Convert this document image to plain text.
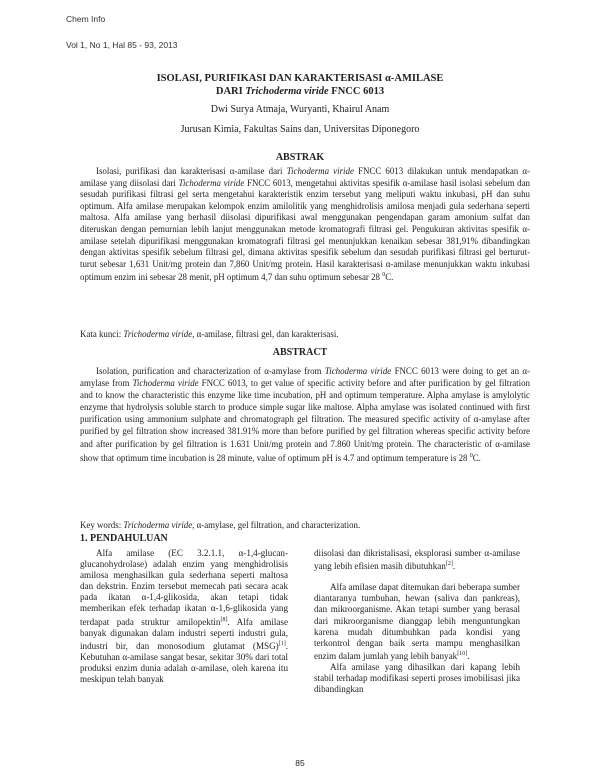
Chem Info
Vol 1, No 1, Hal 85 - 93, 2013
ISOLASI, PURIFIKASI DAN KARAKTERISASI α-AMILASE
DARI Trichoderma viride FNCC 6013
Dwi Surya Atmaja, Wuryanti, Khairul Anam
Jurusan Kimia, Fakultas Sains dan, Universitas Diponegoro
ABSTRAK
Isolasi, purifikasi dan karakterisasi α-amilase dari Tichoderma viride FNCC 6013 dilakukan untuk mendapatkan α-amilase yang diisolasi dari Tichoderma viride FNCC 6013, mengetahui aktivitas spesifik α-amilase hasil isolasi sebelum dan sesudah purifikasi filtrasi gel serta mengetahui karakteristik enzim tersebut yang meliputi waktu inkubasi, pH dan suhu optimum. Alfa amilase merupakan kelompok enzim amilolitik yang menghidrolisis amilosa menjadi gula sederhana seperti maltosa. Alfa amilase yang berhasil diisolasi dipurifikasi awal menggunakan pengendapan garam amonium sulfat dan diteruskan dengan pemurnian lebih lanjut menggunakan metode kromatografi filtrasi gel. Pengukuran aktivitas spesifik α-amilase setelah dipurifikasi menggunakan kromatografi filtrasi gel menunjukkan kenaikan sebesar 381,91% dibandingkan dengan aktivitas spesifik sebelum filtrasi gel, dimana aktivitas spesifik sebelum dan sesudah purifikasi filtrasi gel berturut-turut sebesar 1,631 Unit/mg protein dan 7,860 Unit/mg protein. Hasil karakterisasi α-amilase menunjukkan waktu inkubasi optimum enzim ini sebesar 28 menit, pH optimum 4,7 dan suhu optimum sebesar 28 $^0$C.
Kata kunci: Trichoderma viride, α-amilase, filtrasi gel, dan karakterisasi.
ABSTRACT
Isolation, purification and characterization of α-amylase from Tichoderma viride FNCC 6013 were doing to get an α-amylase from Tichoderma viride FNCC 6013, to get value of specific activity before and after purification by gel filtration and to know the characteristic this enzyme like time incubation, pH and optimum temperature. Alpha amylase is amylolytic enzyme that hydrolysis soluble starch to produce simple sugar like maltose. Alpha amylase was isolated continued with first purification using ammonium sulphate and chromatograph gel filtration. The measured specific activity of α-amylase after purified by gel filtration show increased 381.91% more than before purified by gel filtration whereas specific activity before and after purification by gel filtration is 1.631 Unit/mg protein and 7.860 Unit/mg protein. The characteristic of α-amilase show that optimum time incubation is 28 minute, value of optimum pH is 4.7 and optimum temperature is 28 $^0$C.
Key words: Trichoderma viride, α-amylase, gel filtration, and characterization.
1. PENDAHULUAN
Alfa amilase (EC 3.2.1.1, α-1,4-glucan-glucanohydrolase) adalah enzim yang menghidrolisis amilosa menghasilkan gula sederhana seperti maltosa dan dekstrin. Enzim tersebut memecah pati secara acak pada ikatan α-1,4-glikosida, akan tetapi tidak memberikan efek terhadap ikatan α-1,6-glikosida yang terdapat pada struktur amilopektin[8]. Alfa amilase banyak digunakan dalam industri seperti industri gula, industri bir, dan monosodium glutamat (MSG)[1]. Kebutuhan α-amilase sangat besar, sekitar 30% dari total produksi enzim dunia adalah α-amilase, oleh karena itu meskipun telah banyak
diisolasi dan dikristalisasi, eksplorasi sumber α-amilase yang lebih efisien masih dibutuhkan[2].
Alfa amilase dapat ditemukan dari beberapa sumber diantaranya tumbuhan, hewan (saliva dan pankreas), dan mikroorganisme. Akan tetapi sumber yang berasal dari mikroorganisme dianggap lebih menguntungkan karena mudah ditumbuhkan pada kondisi yang terkontrol dengan baik serta mampu menghasilkan enzim dalam jumlah yang lebih banyak[10].
Alfa amilase yang dihasilkan dari kapang lebih stabil terhadap modifikasi seperti proses imobilisasi jika dibandingkan
85
